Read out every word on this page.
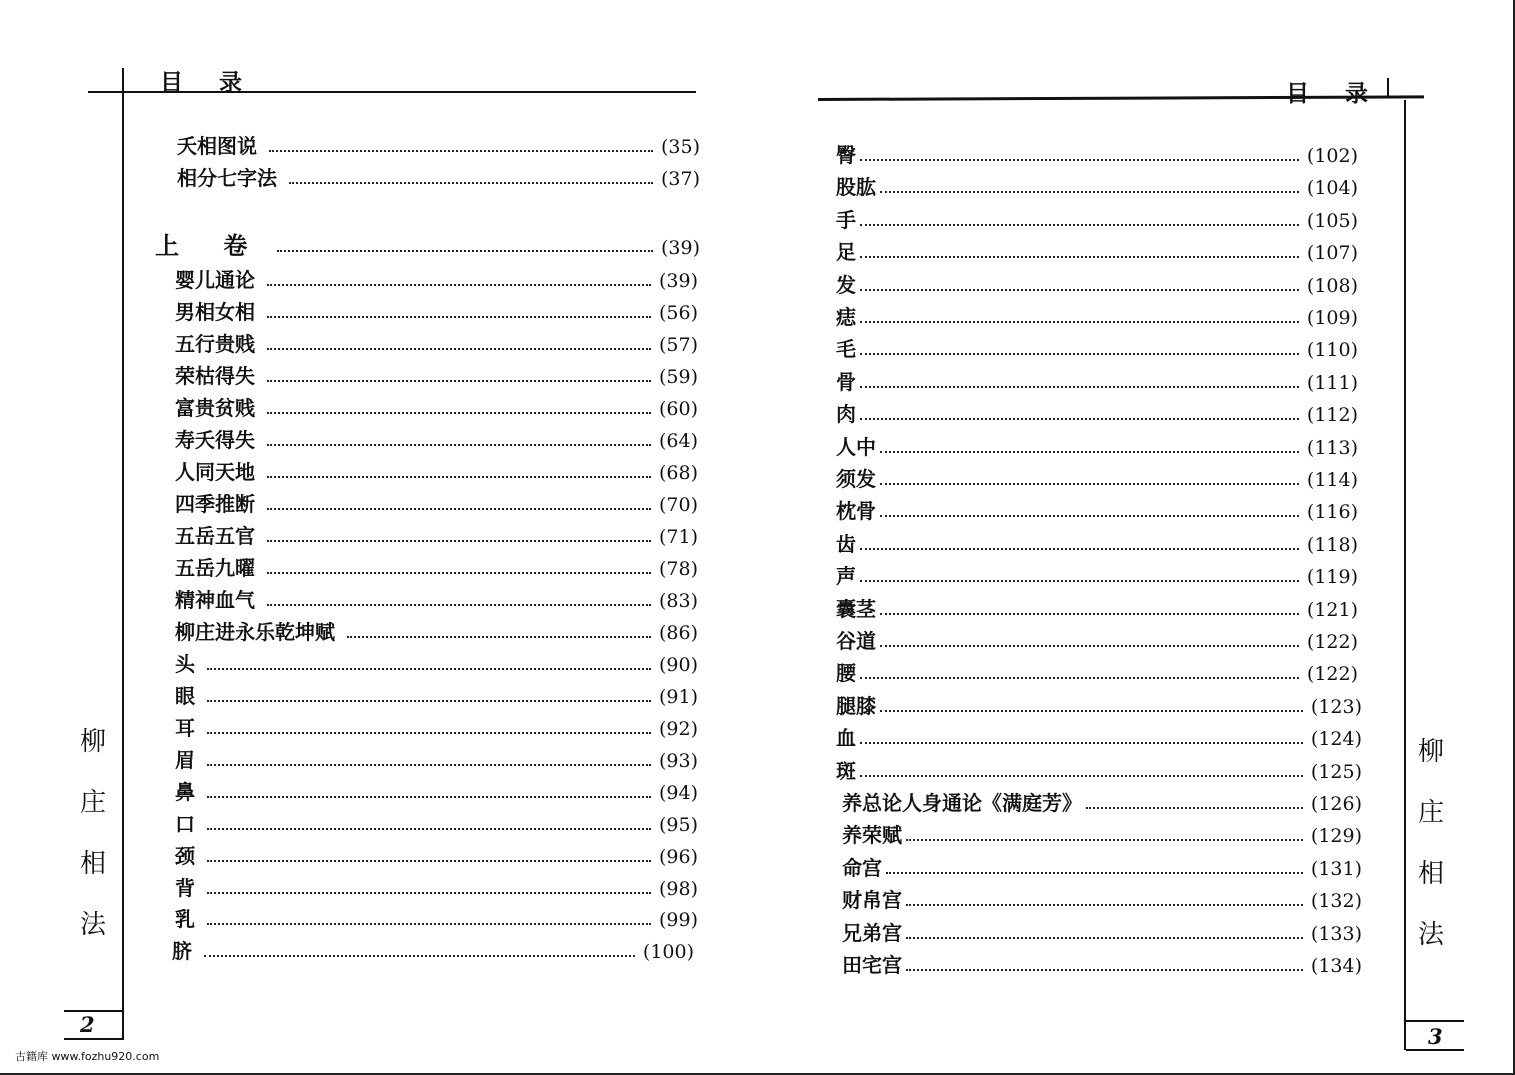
目 录
柳
庄
相
法
2
夭相图说	(35)
相分七字法	(37)
上 卷	(39)
婴儿通论	(39)
男相女相	(56)
五行贵贱	(57)
荣枯得失	(59)
富贵贫贱	(60)
寿夭得失	(64)
人同天地	(68)
四季推断	(70)
五岳五官	(71)
五岳九曜	(78)
精神血气	(83)
柳庄进永乐乾坤赋	(86)
头	(90)
眼	(91)
耳	(92)
眉	(93)
鼻	(94)
口	(95)
颈	(96)
背	(98)
乳	(99)
脐	(100)
目 录
柳
庄
相
法
3
臀	(102)
股肱	(104)
手	(105)
足	(107)
发	(108)
痣	(109)
毛	(110)
骨	(111)
肉	(112)
人中	(113)
须发	(114)
枕骨	(116)
齿	(118)
声	(119)
囊茎	(121)
谷道	(122)
腰	(122)
腿膝	(123)
血	(124)
斑	(125)
养总论人身通论《满庭芳》	(126)
养荣赋	(129)
命宫	(131)
财帛宫	(132)
兄弟宫	(133)
田宅宫	(134)
古籍库 www.fozhu920.com
